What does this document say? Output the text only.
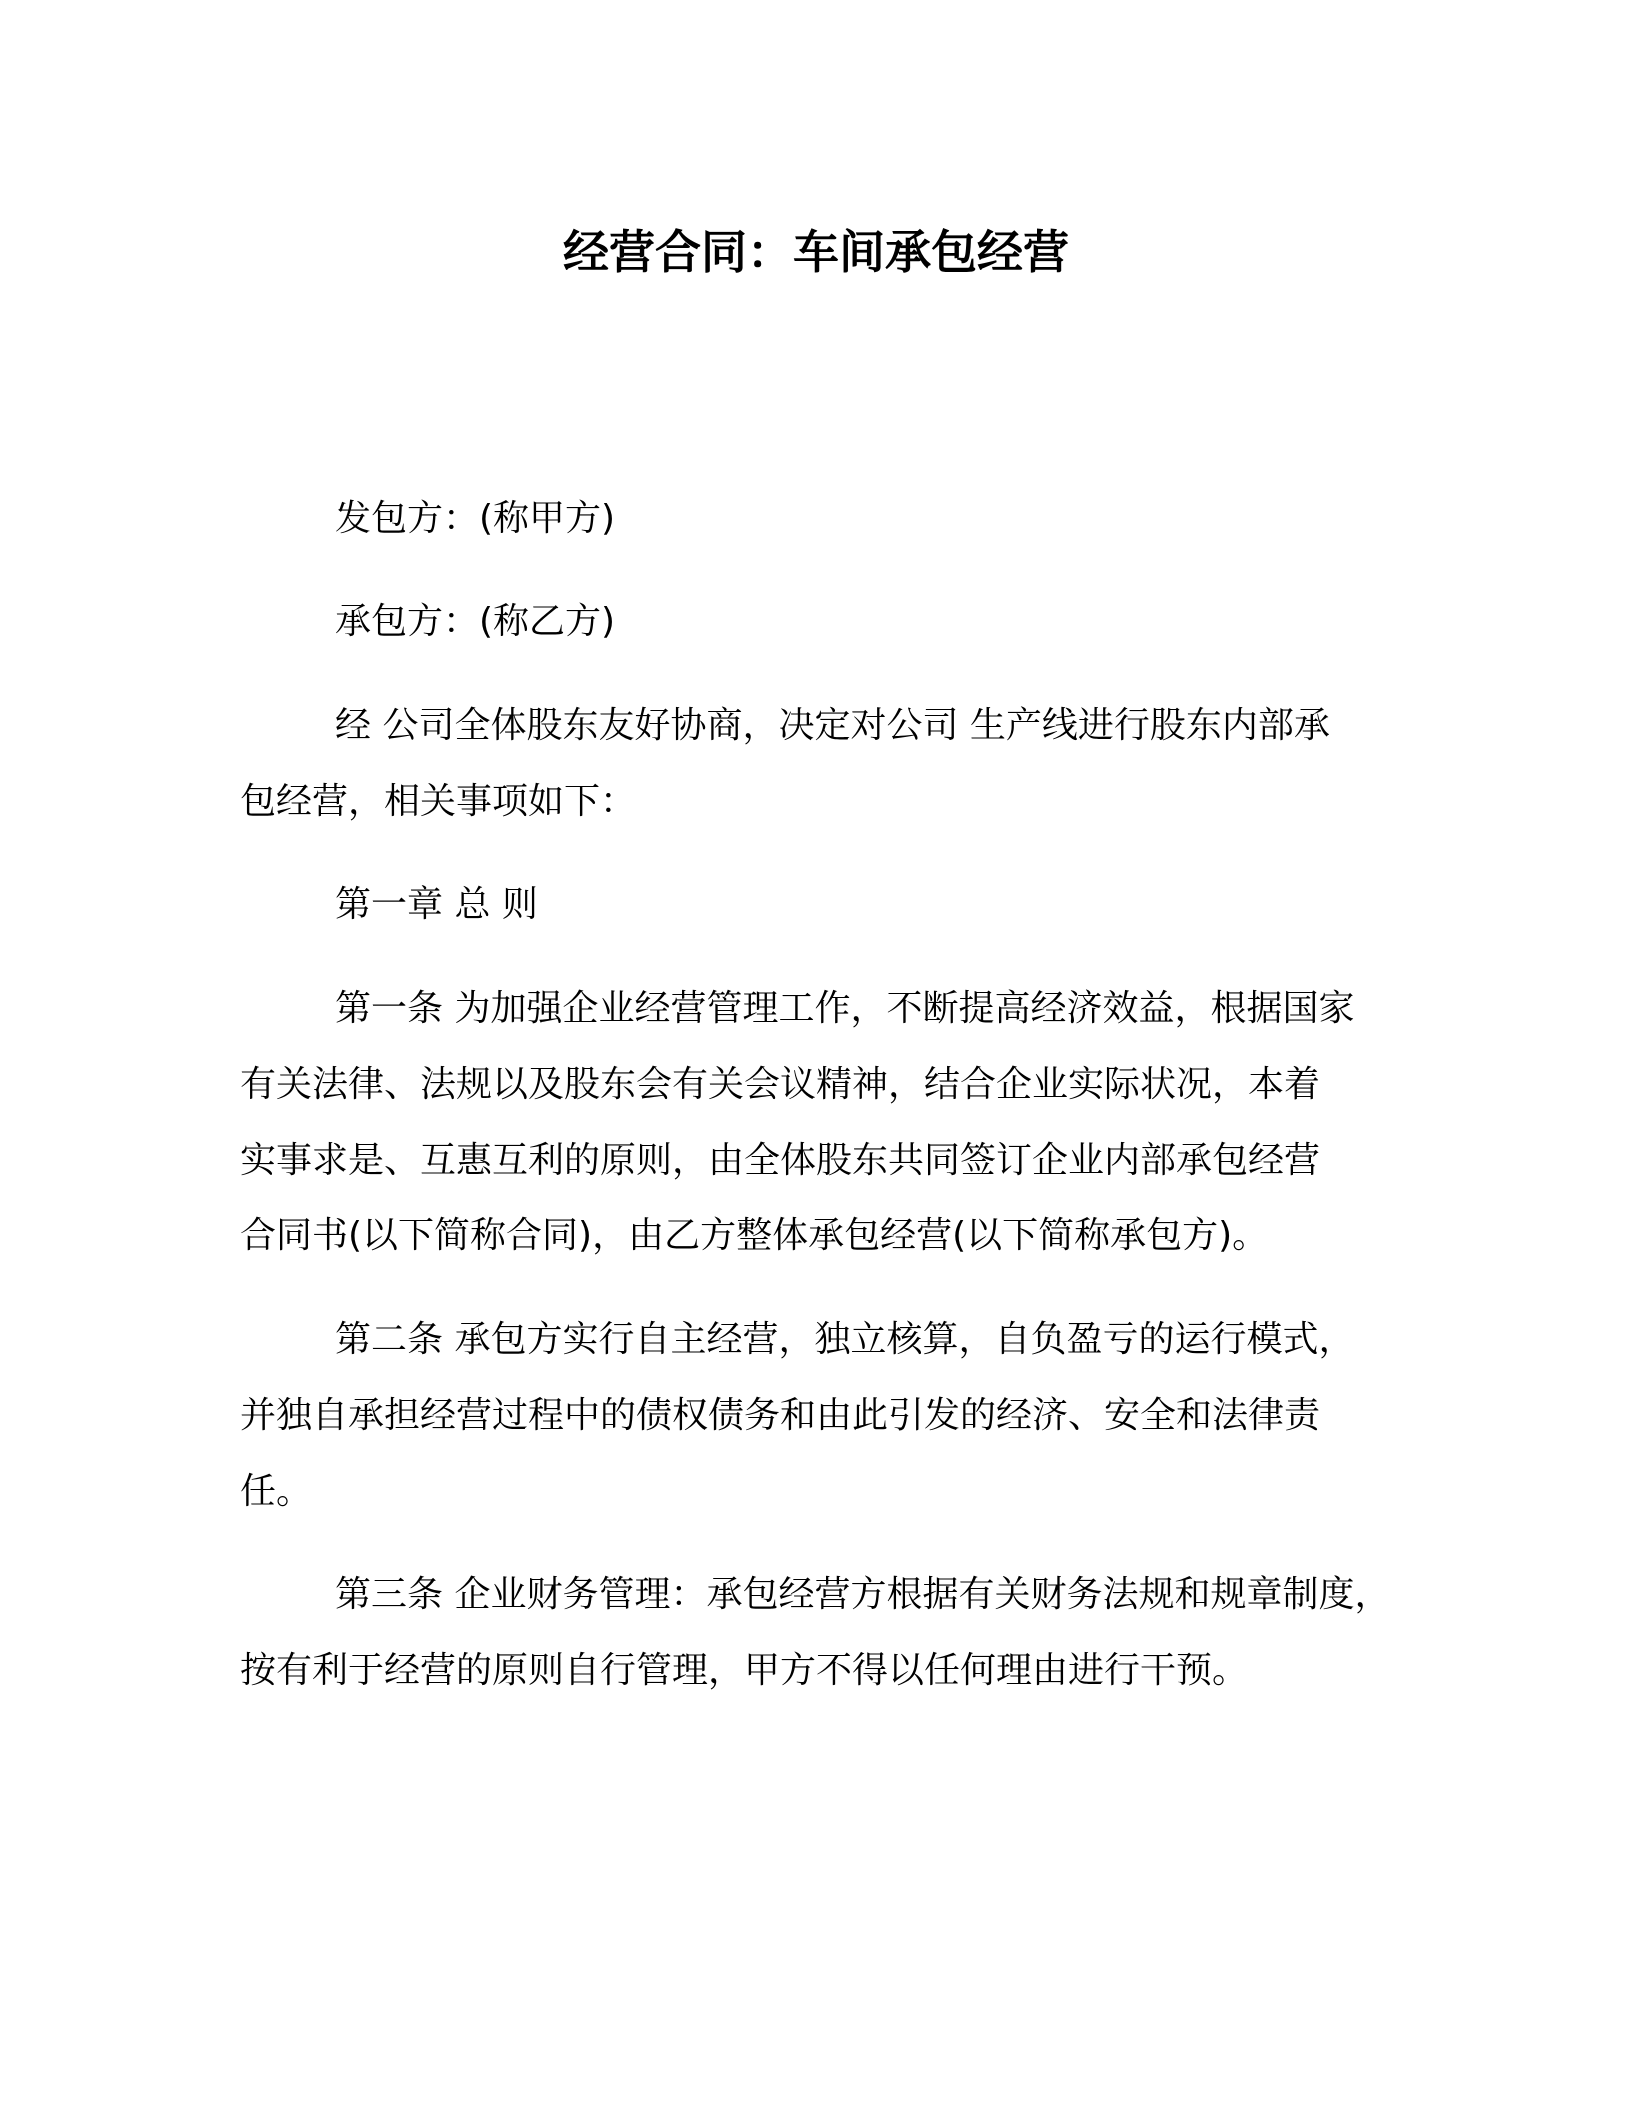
经营合同：车间承包经营

发包方：(称甲方)

承包方：(称乙方)

经 公司全体股东友好协商，决定对公司 生产线进行股东内部承

包经营，相关事项如下：

第一章 总 则

第一条 为加强企业经营管理工作，不断提高经济效益，根据国家

有关法律、法规以及股东会有关会议精神，结合企业实际状况，本着

实事求是、互惠互利的原则，由全体股东共同签订企业内部承包经营

合同书(以下简称合同)，由乙方整体承包经营(以下简称承包方)。

第二条 承包方实行自主经营，独立核算，自负盈亏的运行模式，

并独自承担经营过程中的债权债务和由此引发的经济、安全和法律责

任。

第三条 企业财务管理：承包经营方根据有关财务法规和规章制度，

按有利于经营的原则自行管理，甲方不得以任何理由进行干预。
